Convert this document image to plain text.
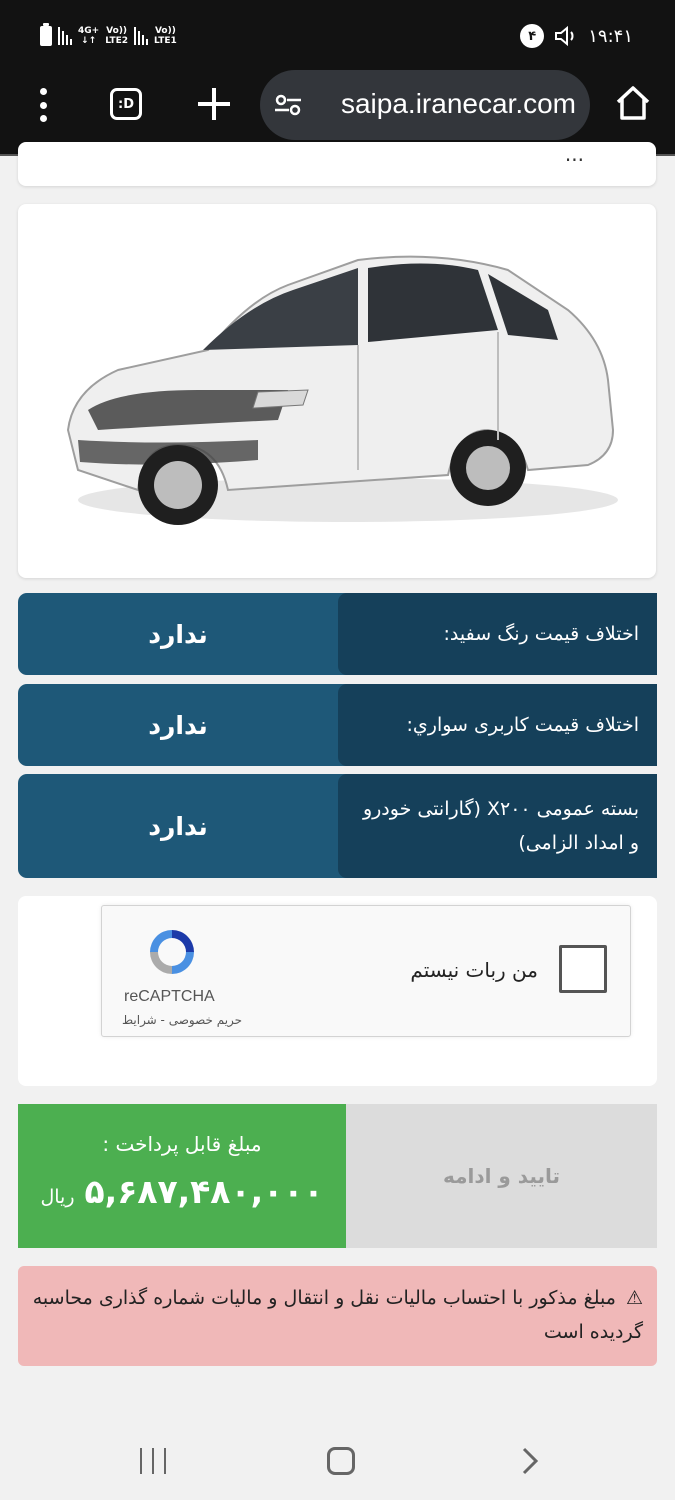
4G+
↓↑
Vo))
LTE2
Vo))
LTE1	۴	۱۹:۴۱
:D	saipa.iranecar.com
...
اختلاف قیمت رنگ سفید:
ندارد
اختلاف قیمت کاربری سواري:
ندارد
بسته عمومی X۲۰۰ (گارانتی خودرو و امداد الزامی)
ندارد
من ربات نیستم
reCAPTCHA
حریم خصوصی - شرایط
مبلغ قابل پرداخت :
۵,۶۸۷,۴۸۰,۰۰۰
ریال
تایید و ادامه
⚠ مبلغ مذکور با احتساب مالیات نقل و انتقال و مالیات شماره گذاری محاسبه گردیده است
